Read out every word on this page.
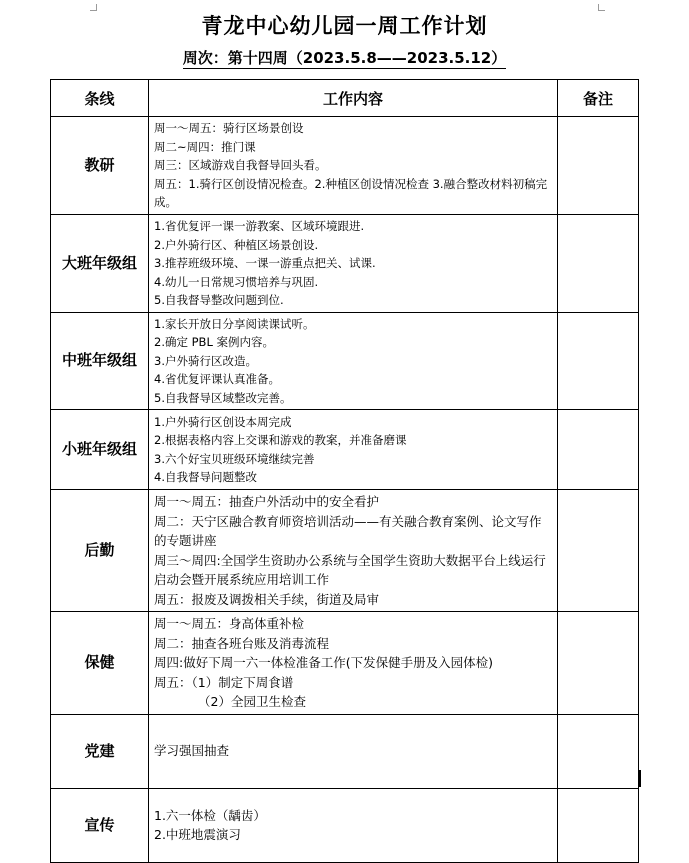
青龙中心幼儿园一周工作计划
周次：第十四周（2023.5.8——2023.5.12）
条线	工作内容	备注
教研	周一～周五：骑行区场景创设
周二~周四：推门课
周三：区域游戏自我督导回头看。
周五：1.骑行区创设情况检查。2.种植区创设情况检查 3.融合整改材料初稿完成。	

大班年级组	1.省优复评一课一游教案、区域环境跟进.
2.户外骑行区、种植区场景创设.
3.推荐班级环境、一课一游重点把关、试课.
4.幼儿一日常规习惯培养与巩固.
5.自我督导整改问题到位.	

中班年级组	1.家长开放日分享阅读课试听。
2.确定 PBL 案例内容。
3.户外骑行区改造。
4.省优复评课认真准备。
5.自我督导区域整改完善。	

小班年级组	1.户外骑行区创设本周完成
2.根据表格内容上交课和游戏的教案，并准备磨课
3.六个好宝贝班级环境继续完善
4.自我督导问题整改	

后勤	周一～周五：抽查户外活动中的安全看护
周二：天宁区融合教育师资培训活动——有关融合教育案例、论文写作的专题讲座
周三～周四:全国学生资助办公系统与全国学生资助大数据平台上线运行启动会暨开展系统应用培训工作
周五：报废及调拨相关手续，街道及局审	

保健	周一～周五：身高体重补检
周二：抽查各班台账及消毒流程
周四:做好下周一六一体检准备工作(下发保健手册及入园体检)
周五：（1）制定下周食谱
（2）全园卫生检查	

党建	学习强国抽查	

宣传	1.六一体检（龋齿）
2.中班地震演习	
